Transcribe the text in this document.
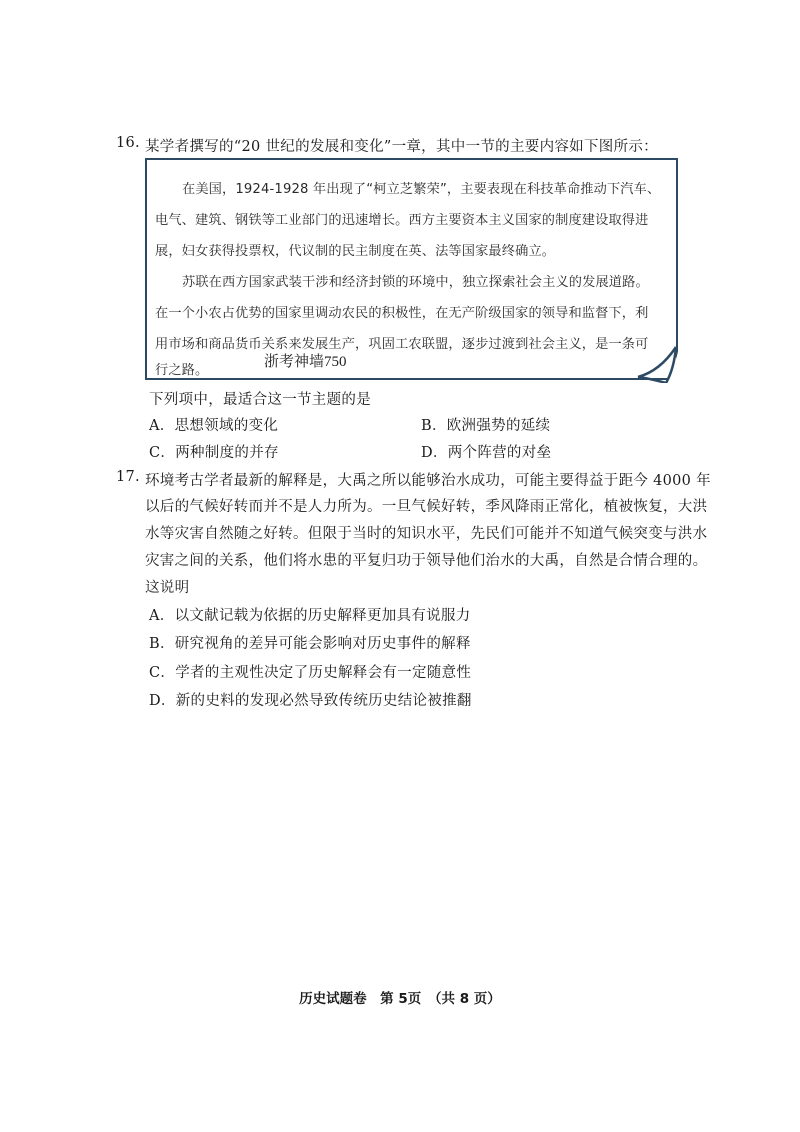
16. 某学者撰写的“20 世纪的发展和变化”一章，其中一节的主要内容如下图所示：
在美国，1924-1928 年出现了“柯立芝繁荣”，主要表现在科技革命推动下汽车、
电气、建筑、钢铁等工业部门的迅速增长。西方主要资本主义国家的制度建设取得进
展，妇女获得投票权，代议制的民主制度在英、法等国家最终确立。
苏联在西方国家武装干涉和经济封锁的环境中，独立探索社会主义的发展道路。
在一个小农占优势的国家里调动农民的积极性，在无产阶级国家的领导和监督下，利
用市场和商品货币关系来发展生产，巩固工农联盟，逐步过渡到社会主义，是一条可
行之路。
浙考神墙750
下列项中，最适合这一节主题的是
A．思想领域的变化	B．欧洲强势的延续
C．两种制度的并存	D．两个阵营的对垒
17. 环境考古学者最新的解释是，大禹之所以能够治水成功，可能主要得益于距今 4000 年
以后的气候好转而并不是人力所为。一旦气候好转，季风降雨正常化，植被恢复，大洪
水等灾害自然随之好转。但限于当时的知识水平，先民们可能并不知道气候突变与洪水
灾害之间的关系，他们将水患的平复归功于领导他们治水的大禹，自然是合情合理的。
这说明
A．以文献记载为依据的历史解释更加具有说服力
B．研究视角的差异可能会影响对历史事件的解释
C．学者的主观性决定了历史解释会有一定随意性
D．新的史料的发现必然导致传统历史结论被推翻
历史试题卷　第 5页　（共 8 页）
